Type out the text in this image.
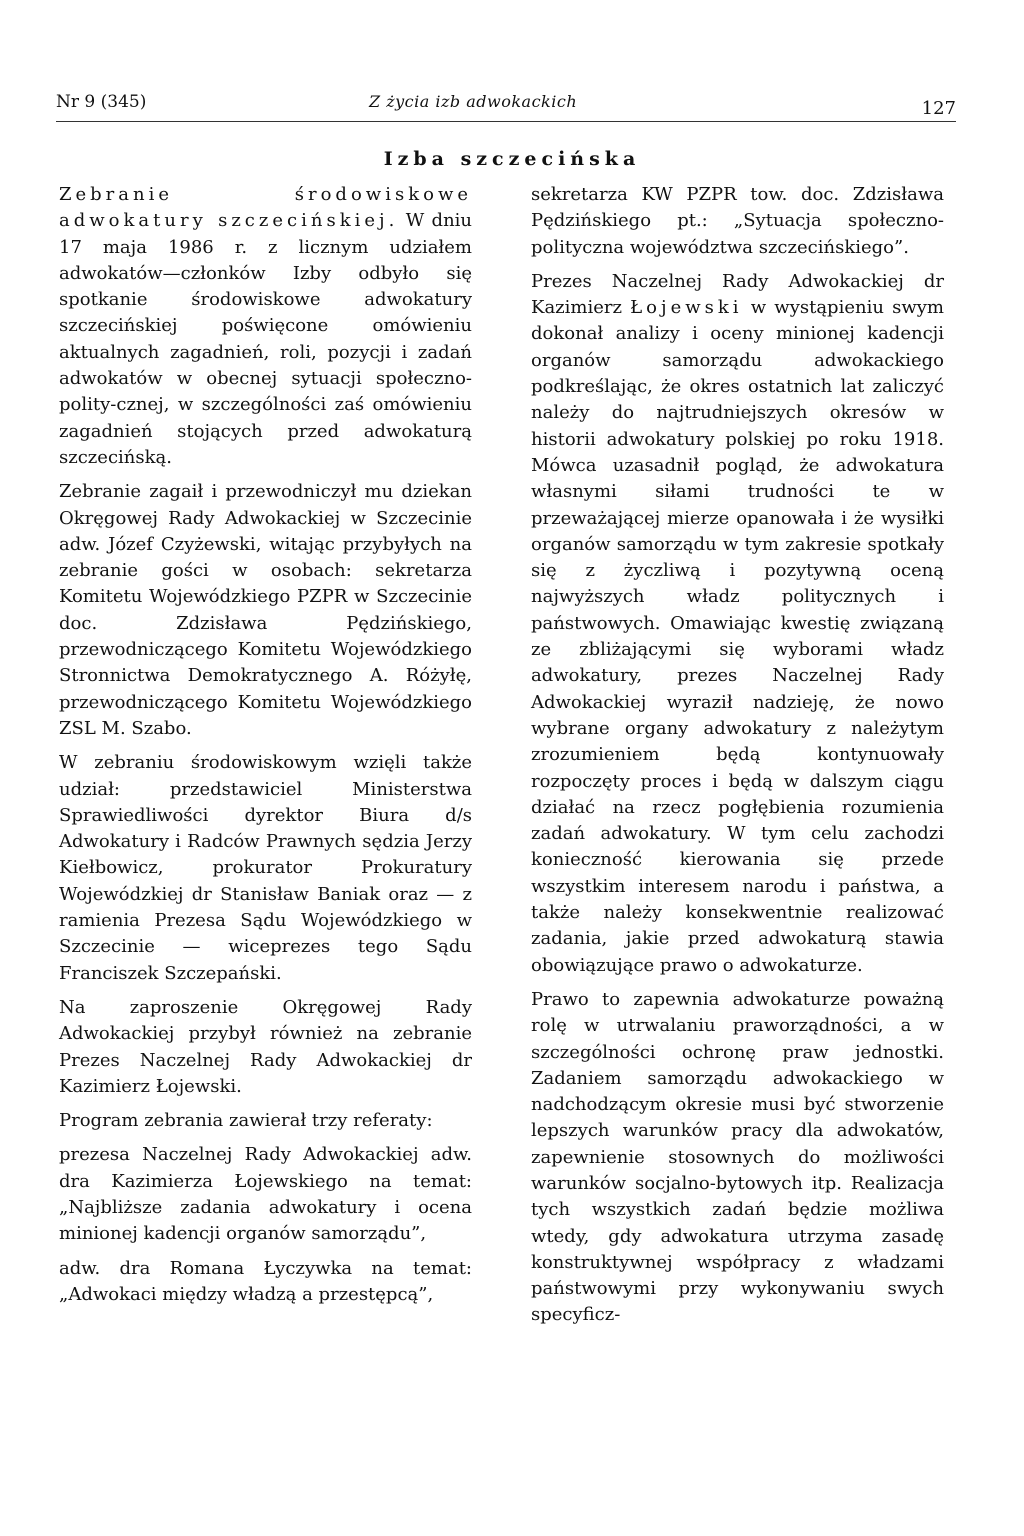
Nr 9 (345)	Z życia izb adwokackich	127
Izba szczecińska

Zebranie środowiskowe adwokatury szczecińskiej. W dniu 17 maja 1986 r. z licznym udziałem adwokatów—członków Izby odbyło się spotkanie środowiskowe adwokatury szczecińskiej poświęcone omówieniu aktualnych zagadnień, roli, pozycji i zadań adwokatów w obecnej sytuacji społeczno-polity-cznej, w szczególności zaś omówieniu zagadnień stojących przed adwokaturą szczecińską.

Zebranie zagaił i przewodniczył mu dziekan Okręgowej Rady Adwokackiej w Szczecinie adw. Józef Czyżewski, witając przybyłych na zebranie gości w osobach: sekretarza Komitetu Wojewódzkiego PZPR w Szczecinie doc. Zdzisława Pędzińskiego, przewodniczącego Komitetu Wojewódzkiego Stronnictwa Demokratycznego A. Różyłę, przewodniczącego Komitetu Wojewódzkiego ZSL M. Szabo.

W zebraniu środowiskowym wzięli także udział: przedstawiciel Ministerstwa Sprawiedliwości dyrektor Biura d/s Adwokatury i Radców Prawnych sędzia Jerzy Kiełbowicz, prokurator Prokuratury Wojewódzkiej dr Stanisław Baniak oraz — z ramienia Prezesa Sądu Wojewódzkiego w Szczecinie — wiceprezes tego Sądu Franciszek Szczepański.

Na zaproszenie Okręgowej Rady Adwokackiej przybył również na zebranie Prezes Naczelnej Rady Adwokackiej dr Kazimierz Łojewski.

Program zebrania zawierał trzy referaty:

prezesa Naczelnej Rady Adwokackiej adw. dra Kazimierza Łojewskiego na temat: „Najbliższe zadania adwokatury i ocena minionej kadencji organów samorządu”,

adw. dra Romana Łyczywka na temat: „Adwokaci między władzą a przestępcą”,

sekretarza KW PZPR tow. doc. Zdzisława Pędzińskiego pt.: „Sytuacja społeczno-polityczna województwa szczecińskiego”.

Prezes Naczelnej Rady Adwokackiej dr Kazimierz Łojewski w wystąpieniu swym dokonał analizy i oceny minionej kadencji organów samorządu adwokackiego podkreślając, że okres ostatnich lat zaliczyć należy do najtrudniejszych okresów w historii adwokatury polskiej po roku 1918. Mówca uzasadnił pogląd, że adwokatura własnymi siłami trudności te w przeważającej mierze opanowała i że wysiłki organów samorządu w tym zakresie spotkały się z życzliwą i pozytywną oceną najwyższych władz politycznych i państwowych. Omawiając kwestię związaną ze zbliżającymi się wyborami władz adwokatury, prezes Naczelnej Rady Adwokackiej wyraził nadzieję, że nowo wybrane organy adwokatury z należytym zrozumieniem będą kontynuowały rozpoczęty proces i będą w dalszym ciągu działać na rzecz pogłębienia rozumienia zadań adwokatury. W tym celu zachodzi konieczność kierowania się przede wszystkim interesem narodu i państwa, a także należy konsekwentnie realizować zadania, jakie przed adwokaturą stawia obowiązujące prawo o adwokaturze.

Prawo to zapewnia adwokaturze poważną rolę w utrwalaniu praworządności, a w szczególności ochronę praw jednostki. Zadaniem samorządu adwokackiego w nadchodzącym okresie musi być stworzenie lepszych warunków pracy dla adwokatów, zapewnienie stosownych do możliwości warunków socjalno-bytowych itp. Realizacja tych wszystkich zadań będzie możliwa wtedy, gdy adwokatura utrzyma zasadę konstruktywnej współpracy z władzami państwowymi przy wykonywaniu swych specyficz-
